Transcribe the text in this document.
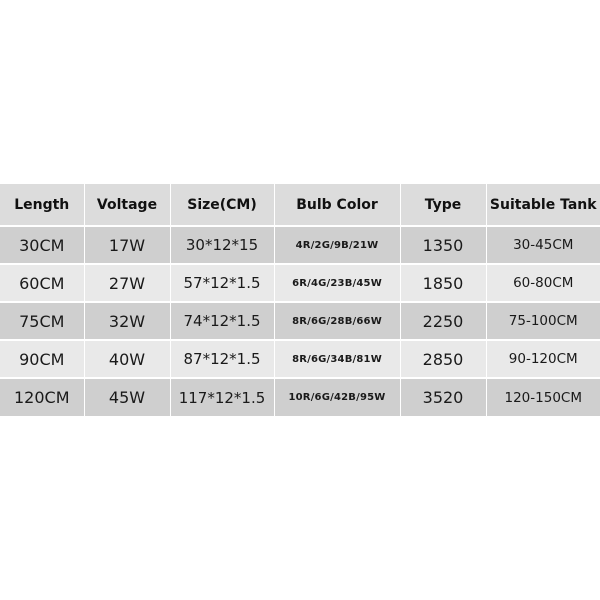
Length	Voltage	Size(CM)	Bulb Color	Type	Suitable Tank
30CM	17W	30*12*15	4R/2G/9B/21W	1350	30-45CM
60CM	27W	57*12*1.5	6R/4G/23B/45W	1850	60-80CM
75CM	32W	74*12*1.5	8R/6G/28B/66W	2250	75-100CM
90CM	40W	87*12*1.5	8R/6G/34B/81W	2850	90-120CM
120CM	45W	117*12*1.5	10R/6G/42B/95W	3520	120-150CM
